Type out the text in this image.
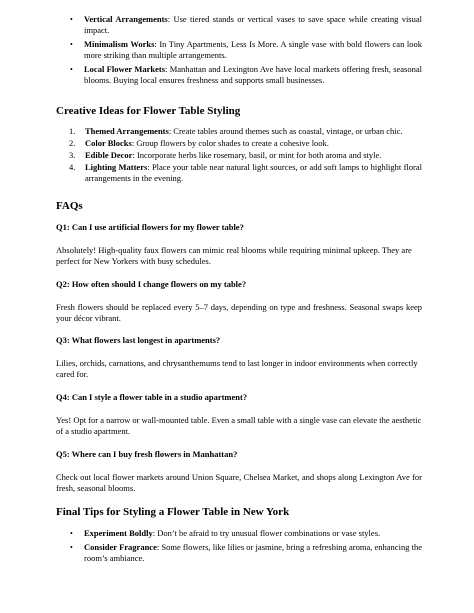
• Vertical Arrangements: Use tiered stands or vertical vases to save space while creating visual impact.
• Minimalism Works: In Tiny Apartments, Less Is More. A single vase with bold flowers can look more striking than multiple arrangements.
• Local Flower Markets: Manhattan and Lexington Ave have local markets offering fresh, seasonal blooms. Buying local ensures freshness and supports small businesses.
Creative Ideas for Flower Table Styling
1. Themed Arrangements: Create tables around themes such as coastal, vintage, or urban chic.
2. Color Blocks: Group flowers by color shades to create a cohesive look.
3. Edible Decor: Incorporate herbs like rosemary, basil, or mint for both aroma and style.
4. Lighting Matters: Place your table near natural light sources, or add soft lamps to highlight floral arrangements in the evening.
FAQs
Q1: Can I use artificial flowers for my flower table?
Absolutely! High-quality faux flowers can mimic real blooms while requiring minimal upkeep. They are perfect for New Yorkers with busy schedules.
Q2: How often should I change flowers on my table?
Fresh flowers should be replaced every 5–7 days, depending on type and freshness. Seasonal swaps keep your décor vibrant.
Q3: What flowers last longest in apartments?
Lilies, orchids, carnations, and chrysanthemums tend to last longer in indoor environments when correctly cared for.
Q4: Can I style a flower table in a studio apartment?
Yes! Opt for a narrow or wall-mounted table. Even a small table with a single vase can elevate the aesthetic of a studio apartment.
Q5: Where can I buy fresh flowers in Manhattan?
Check out local flower markets around Union Square, Chelsea Market, and shops along Lexington Ave for fresh, seasonal blooms.
Final Tips for Styling a Flower Table in New York
• Experiment Boldly: Don’t be afraid to try unusual flower combinations or vase styles.
• Consider Fragrance: Some flowers, like lilies or jasmine, bring a refreshing aroma, enhancing the room’s ambiance.
